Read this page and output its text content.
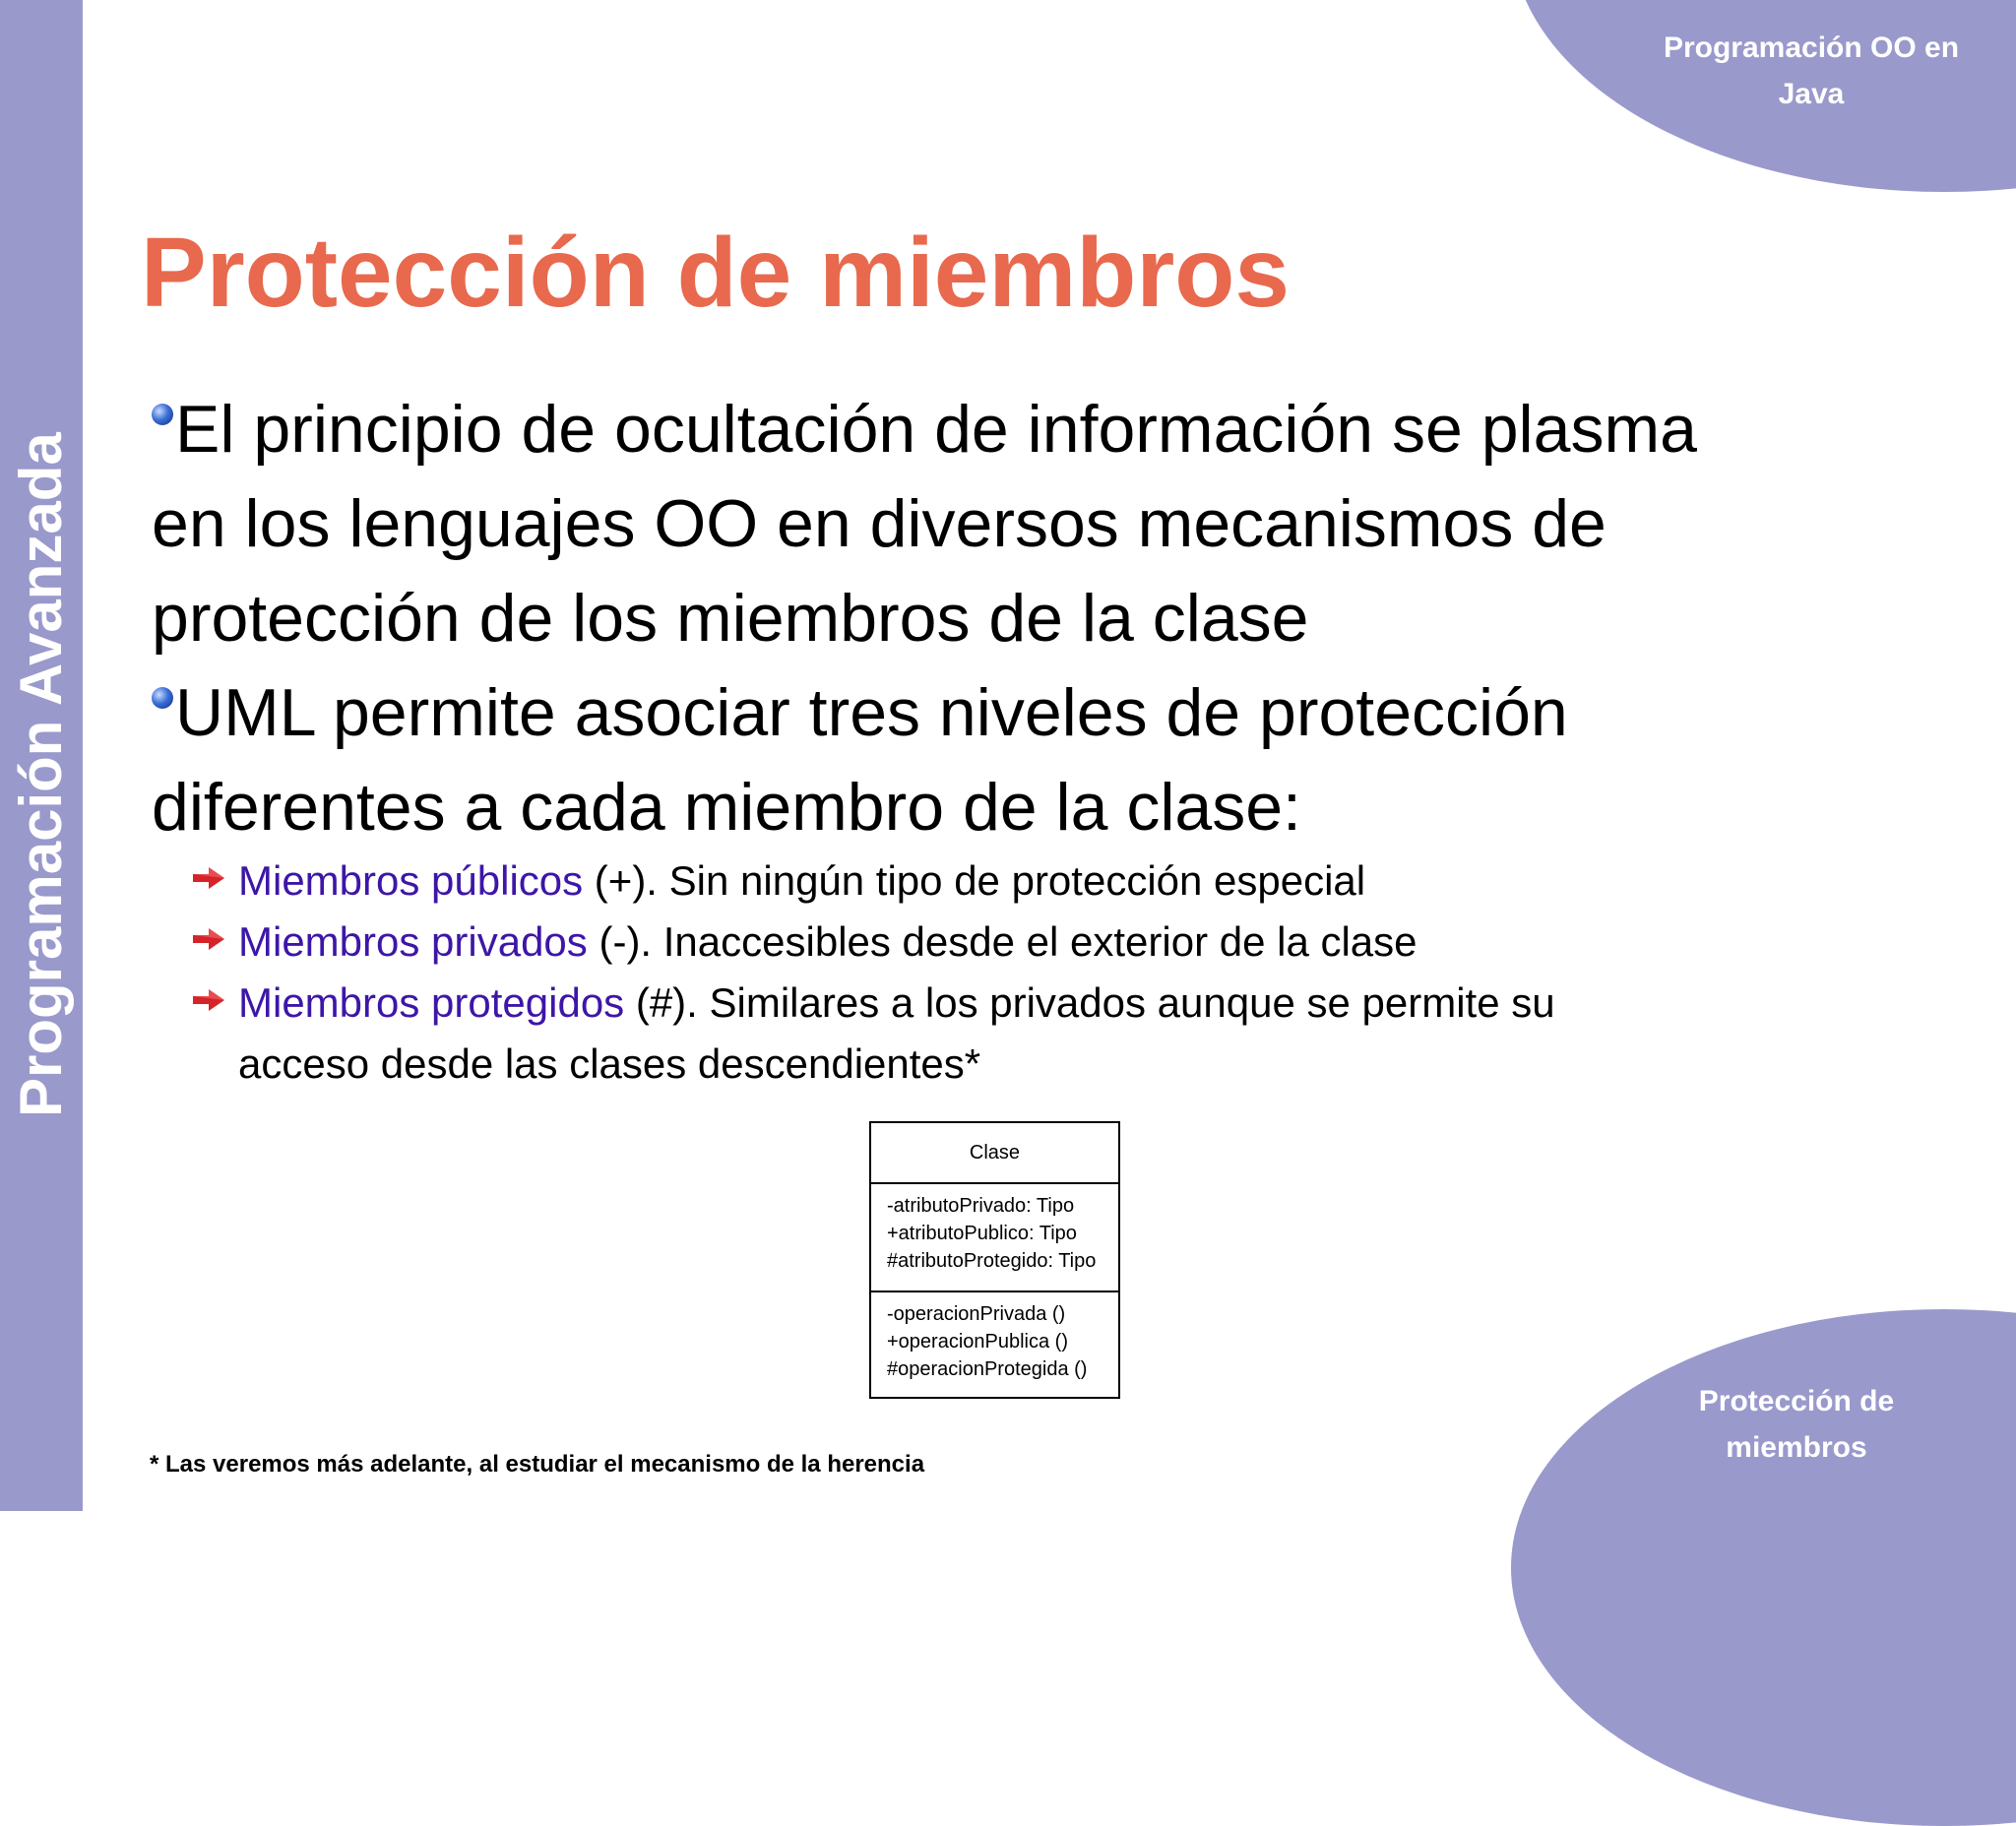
Programación Avanzada
Programación OO en
Java
Protección de
miembros
Protección de miembros

El principio de ocultación de información se plasma
en los lenguajes OO en diversos mecanismos de
protección de los miembros de la clase

UML permite asociar tres niveles de protección
diferentes a cada miembro de la clase:

Miembros públicos (+). Sin ningún tipo de protección especial

Miembros privados (-). Inaccesibles desde el exterior de la clase

Miembros protegidos (#). Similares a los privados aunque se permite su
acceso desde las clases descendientes*

Clase
-atributoPrivado: Tipo
+atributoPublico: Tipo
#atributoProtegido: Tipo
-operacionPrivada ()
+operacionPublica ()
#operacionProtegida ()
* Las veremos más adelante, al estudiar el mecanismo de la herencia
